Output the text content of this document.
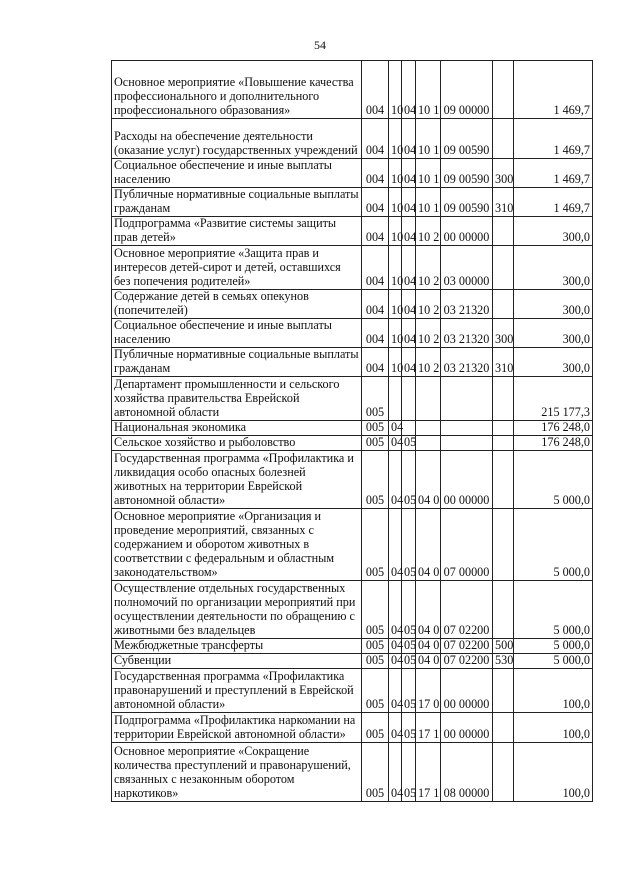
54
Основное мероприятие «Повышение качества профессионального и дополнительного профессионального образования»	004	10	04	10 1	09 00000		1 469,7
Расходы на обеспечение деятельности (оказание услуг) государственных учреждений	004	10	04	10 1	09 00590		1 469,7
Социальное обеспечение и иные выплаты населению	004	10	04	10 1	09 00590	300	1 469,7
Публичные нормативные социальные выплаты гражданам	004	10	04	10 1	09 00590	310	1 469,7
Подпрограмма «Развитие системы защиты прав детей»	004	10	04	10 2	00 00000		300,0
Основное мероприятие «Защита прав и интересов детей-сирот и детей, оставшихся без попечения родителей»	004	10	04	10 2	03 00000		300,0
Содержание детей в семьях опекунов (попечителей)	004	10	04	10 2	03 21320		300,0
Социальное обеспечение и иные выплаты населению	004	10	04	10 2	03 21320	300	300,0
Публичные нормативные социальные выплаты гражданам	004	10	04	10 2	03 21320	310	300,0
Департамент промышленности и сельского хозяйства правительства Еврейской автономной области	005						215 177,3
Национальная экономика	005	04					176 248,0
Сельское хозяйство и рыболовство	005	04	05				176 248,0
Государственная программа «Профилактика и ликвидация особо опасных болезней животных на территории Еврейской автономной области»	005	04	05	04 0	00 00000		5 000,0
Основное мероприятие «Организация и проведение мероприятий, связанных с содержанием и оборотом животных в соответствии с федеральным и областным законодательством»	005	04	05	04 0	07 00000		5 000,0
Осуществление отдельных государственных полномочий по организации мероприятий при осуществлении деятельности по обращению с животными без владельцев	005	04	05	04 0	07 02200		5 000,0
Межбюджетные трансферты	005	04	05	04 0	07 02200	500	5 000,0
Субвенции	005	04	05	04 0	07 02200	530	5 000,0
Государственная программа «Профилактика правонарушений и преступлений в Еврейской автономной области»	005	04	05	17 0	00 00000		100,0
Подпрограмма «Профилактика наркомании на территории Еврейской автономной области»	005	04	05	17 1	00 00000		100,0
Основное мероприятие «Сокращение количества преступлений и правонарушений, связанных с незаконным оборотом наркотиков»	005	04	05	17 1	08 00000		100,0
